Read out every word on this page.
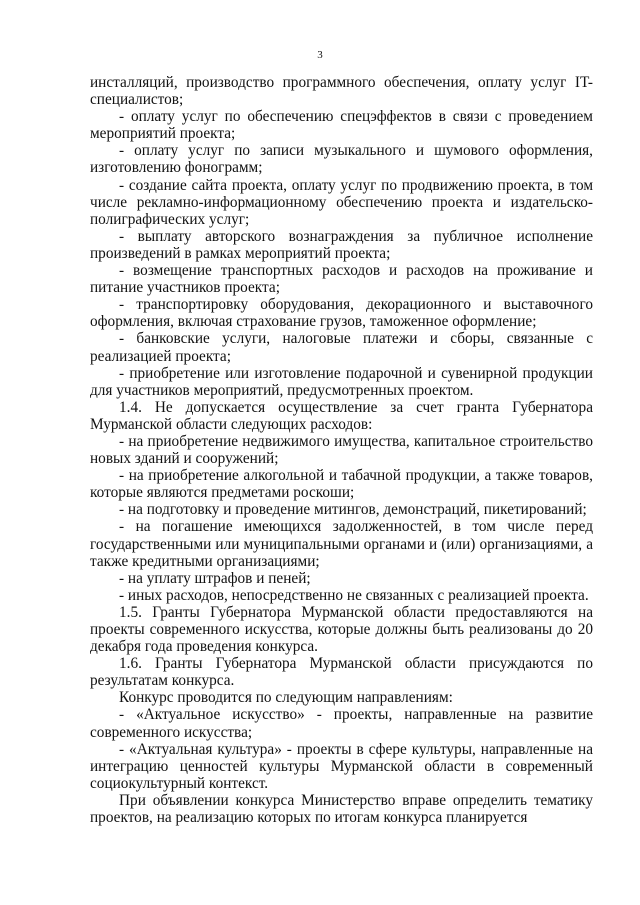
3

инсталляций, производство программного обеспечения, оплату услуг IT-специалистов;

- оплату услуг по обеспечению спецэффектов в связи с проведением мероприятий проекта;

- оплату услуг по записи музыкального и шумового оформления, изготовлению фонограмм;

- создание сайта проекта, оплату услуг по продвижению проекта, в том числе рекламно-информационному обеспечению проекта и издательско-полиграфических услуг;

- выплату авторского вознаграждения за публичное исполнение произведений в рамках мероприятий проекта;

- возмещение транспортных расходов и расходов на проживание и питание участников проекта;

- транспортировку оборудования, декорационного и выставочного оформления, включая страхование грузов, таможенное оформление;

- банковские услуги, налоговые платежи и сборы, связанные с реализацией проекта;

- приобретение или изготовление подарочной и сувенирной продукции для участников мероприятий, предусмотренных проектом.

1.4. Не допускается осуществление за счет гранта Губернатора Мурманской области следующих расходов:

- на приобретение недвижимого имущества, капитальное строительство новых зданий и сооружений;

- на приобретение алкогольной и табачной продукции, а также товаров, которые являются предметами роскоши;

- на подготовку и проведение митингов, демонстраций, пикетирований;

- на погашение имеющихся задолженностей, в том числе перед государственными или муниципальными органами и (или) организациями, а также кредитными организациями;

- на уплату штрафов и пеней;

- иных расходов, непосредственно не связанных с реализацией проекта.

1.5. Гранты Губернатора Мурманской области предоставляются на проекты современного искусства, которые должны быть реализованы до 20 декабря года проведения конкурса.

1.6. Гранты Губернатора Мурманской области присуждаются по результатам конкурса.

Конкурс проводится по следующим направлениям:

- «Актуальное искусство» - проекты, направленные на развитие современного искусства;

- «Актуальная культура» - проекты в сфере культуры, направленные на интеграцию ценностей культуры Мурманской области в современный социокультурный контекст.

При объявлении конкурса Министерство вправе определить тематику проектов, на реализацию которых по итогам конкурса планируется
